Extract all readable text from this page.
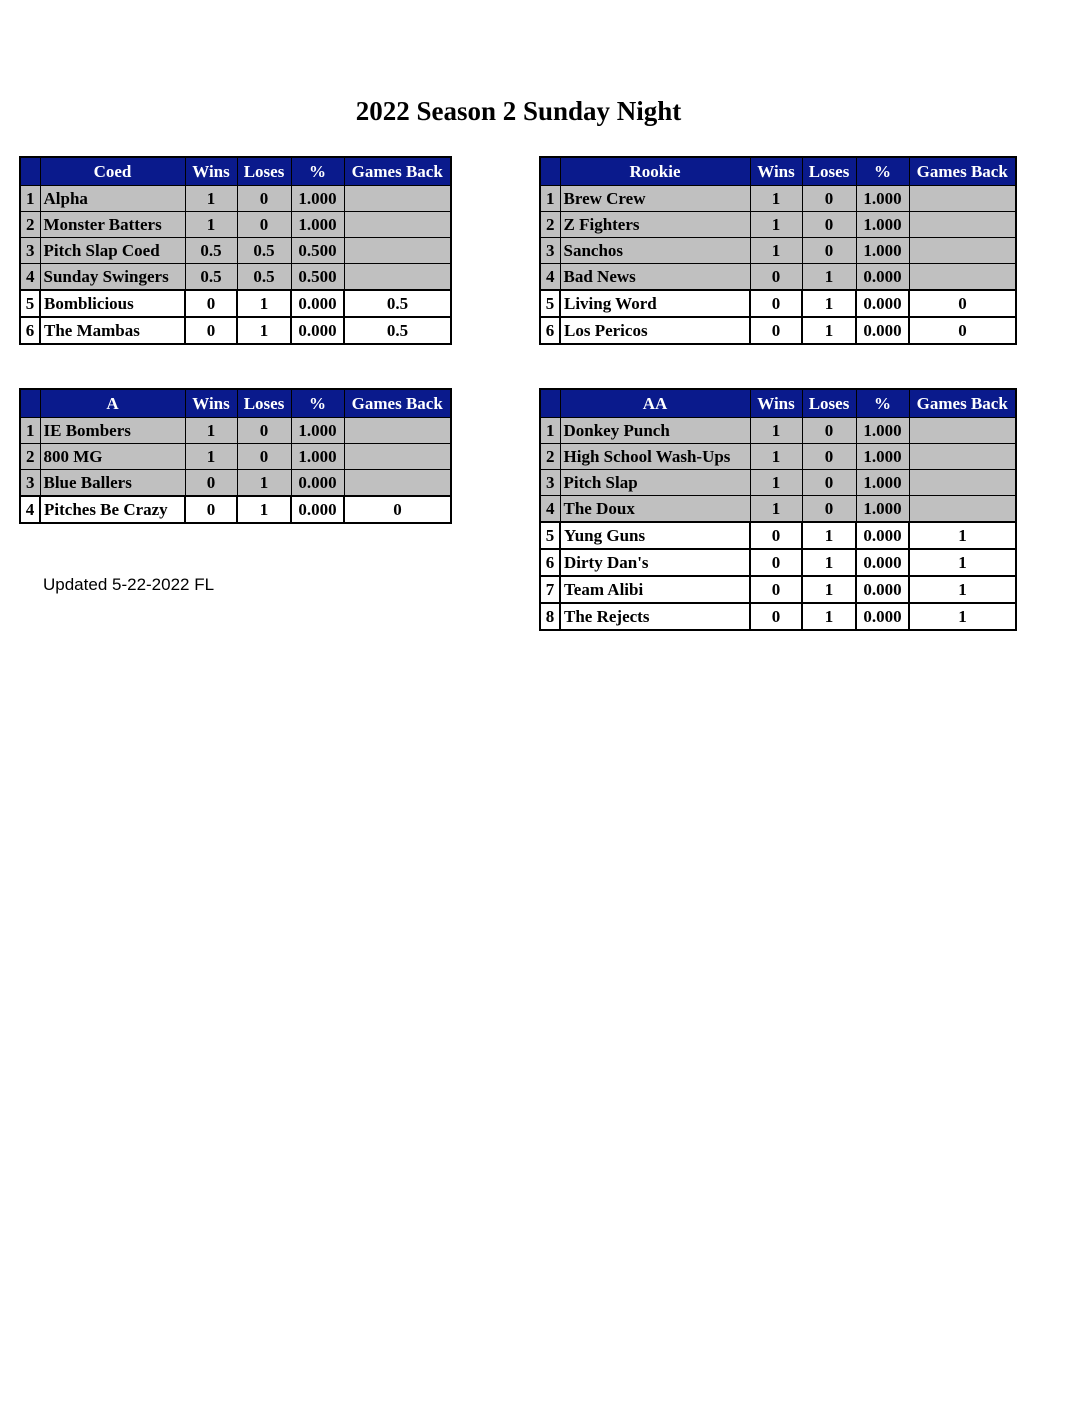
2022 Season 2 Sunday Night
	Coed	Wins	Loses	%	Games Back
1	Alpha	1	0	1.000	
2	Monster Batters	1	0	1.000	
3	Pitch Slap Coed	0.5	0.5	0.500	
4	Sunday Swingers	0.5	0.5	0.500	
5	Bomblicious	0	1	0.000	0.5
6	The Mambas	0	1	0.000	0.5
	Rookie	Wins	Loses	%	Games Back
1	Brew Crew	1	0	1.000	
2	Z Fighters	1	0	1.000	
3	Sanchos	1	0	1.000	
4	Bad News	0	1	0.000	
5	Living Word	0	1	0.000	0
6	Los Pericos	0	1	0.000	0
	A	Wins	Loses	%	Games Back
1	IE Bombers	1	0	1.000	
2	800 MG	1	0	1.000	
3	Blue Ballers	0	1	0.000	
4	Pitches Be Crazy	0	1	0.000	0
	AA	Wins	Loses	%	Games Back
1	Donkey Punch	1	0	1.000	
2	High School Wash-Ups	1	0	1.000	
3	Pitch Slap	1	0	1.000	
4	The Doux	1	0	1.000	
5	Yung Guns	0	1	0.000	1
6	Dirty Dan's	0	1	0.000	1
7	Team Alibi	0	1	0.000	1
8	The Rejects	0	1	0.000	1
Updated 5-22-2022 FL
